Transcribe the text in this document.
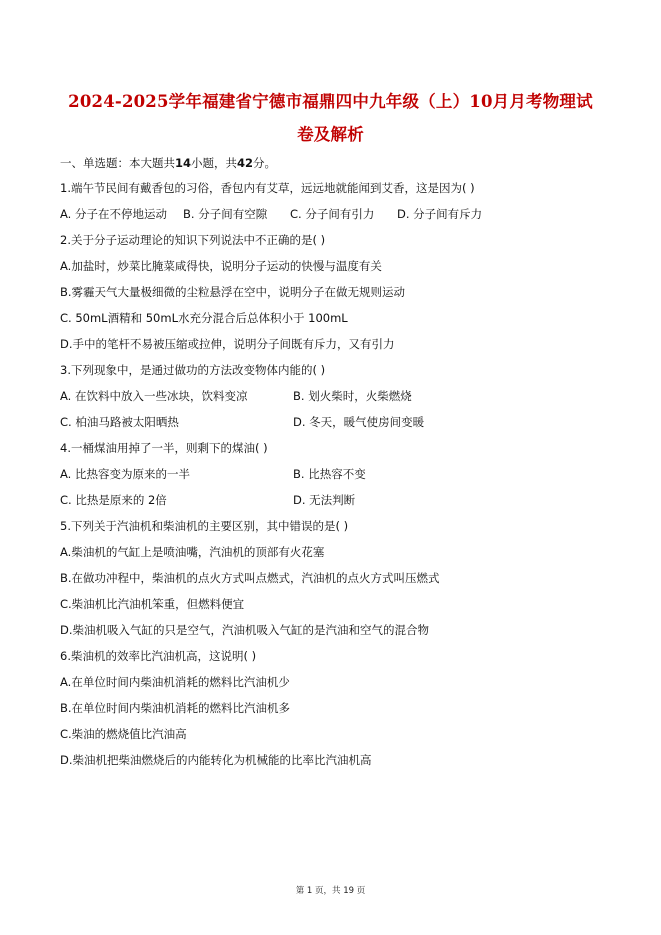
2024-2025学年福建省宁德市福鼎四中九年级（上）10月月考物理试
卷及解析
一、单选题：本大题共14小题，共42分。
1.端午节民间有戴香包的习俗，香包内有艾草，远远地就能闻到艾香，这是因为( )
A. 分子在不停地运动 B. 分子间有空隙 C. 分子间有引力 D. 分子间有斥力
2.关于分子运动理论的知识下列说法中不正确的是( )
A.加盐时，炒菜比腌菜咸得快，说明分子运动的快慢与温度有关
B.雾霾天气大量极细微的尘粒悬浮在空中，说明分子在做无规则运动
C. 50mL酒精和 50mL水充分混合后总体积小于 100mL
D.手中的笔杆不易被压缩或拉伸，说明分子间既有斥力，又有引力
3.下列现象中，是通过做功的方法改变物体内能的( )
A. 在饮料中放入一些冰块，饮料变凉	B. 划火柴时，火柴燃烧
C. 柏油马路被太阳晒热	D. 冬天，暖气使房间变暖
4.一桶煤油用掉了一半，则剩下的煤油( )
A. 比热容变为原来的一半	B. 比热容不变
C. 比热是原来的 2倍	D. 无法判断
5.下列关于汽油机和柴油机的主要区别，其中错误的是( )
A.柴油机的气缸上是喷油嘴，汽油机的顶部有火花塞
B.在做功冲程中，柴油机的点火方式叫点燃式，汽油机的点火方式叫压燃式
C.柴油机比汽油机笨重，但燃料便宜
D.柴油机吸入气缸的只是空气，汽油机吸入气缸的是汽油和空气的混合物
6.柴油机的效率比汽油机高，这说明( )
A.在单位时间内柴油机消耗的燃料比汽油机少
B.在单位时间内柴油机消耗的燃料比汽油机多
C.柴油的燃烧值比汽油高
D.柴油机把柴油燃烧后的内能转化为机械能的比率比汽油机高
第 1 页，共 19 页
